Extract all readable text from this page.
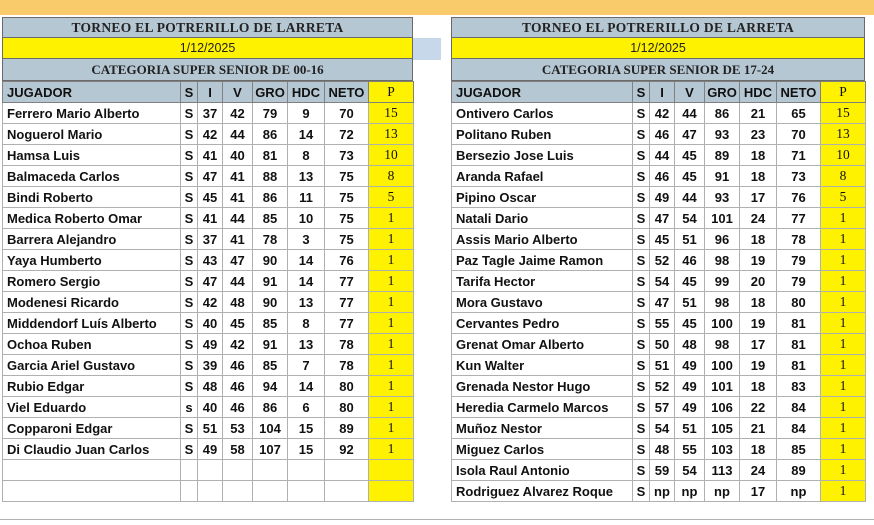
TORNEO EL POTRERILLO DE LARRETA
1/12/2025
CATEGORIA SUPER SENIOR DE 00-16
JUGADOR	S	I	V	GRO	HDC	NETO	P
Ferrero Mario Alberto	S	37	42	79	9	70	15
Noguerol Mario	S	42	44	86	14	72	13
Hamsa Luis	S	41	40	81	8	73	10
Balmaceda Carlos	S	47	41	88	13	75	8
Bindi Roberto	S	45	41	86	11	75	5
Medica Roberto Omar	S	41	44	85	10	75	1
Barrera Alejandro	S	37	41	78	3	75	1
Yaya Humberto	S	43	47	90	14	76	1
Romero Sergio	S	47	44	91	14	77	1
Modenesi Ricardo	S	42	48	90	13	77	1
Middendorf Luís Alberto	S	40	45	85	8	77	1
Ochoa Ruben	S	49	42	91	13	78	1
Garcia Ariel Gustavo	S	39	46	85	7	78	1
Rubio Edgar	S	48	46	94	14	80	1
Viel Eduardo	s	40	46	86	6	80	1
Copparoni Edgar	S	51	53	104	15	89	1
Di Claudio Juan Carlos	S	49	58	107	15	92	1

TORNEO EL POTRERILLO DE LARRETA
1/12/2025
CATEGORIA SUPER SENIOR DE 17-24
JUGADOR	S	I	V	GRO	HDC	NETO	P
Ontivero Carlos	S	42	44	86	21	65	15
Politano Ruben	S	46	47	93	23	70	13
Bersezio Jose Luis	S	44	45	89	18	71	10
Aranda Rafael	S	46	45	91	18	73	8
Pipino Oscar	S	49	44	93	17	76	5
Natali Dario	S	47	54	101	24	77	1
Assis Mario Alberto	S	45	51	96	18	78	1
Paz Tagle Jaime Ramon	S	52	46	98	19	79	1
Tarifa Hector	S	54	45	99	20	79	1
Mora Gustavo	S	47	51	98	18	80	1
Cervantes Pedro	S	55	45	100	19	81	1
Grenat Omar Alberto	S	50	48	98	17	81	1
Kun Walter	S	51	49	100	19	81	1
Grenada Nestor Hugo	S	52	49	101	18	83	1
Heredia Carmelo Marcos	S	57	49	106	22	84	1
Muñoz Nestor	S	54	51	105	21	84	1
Miguez Carlos	S	48	55	103	18	85	1
Isola Raul Antonio	S	59	54	113	24	89	1
Rodriguez Alvarez Roque	S	np	np	np	17	np	1
